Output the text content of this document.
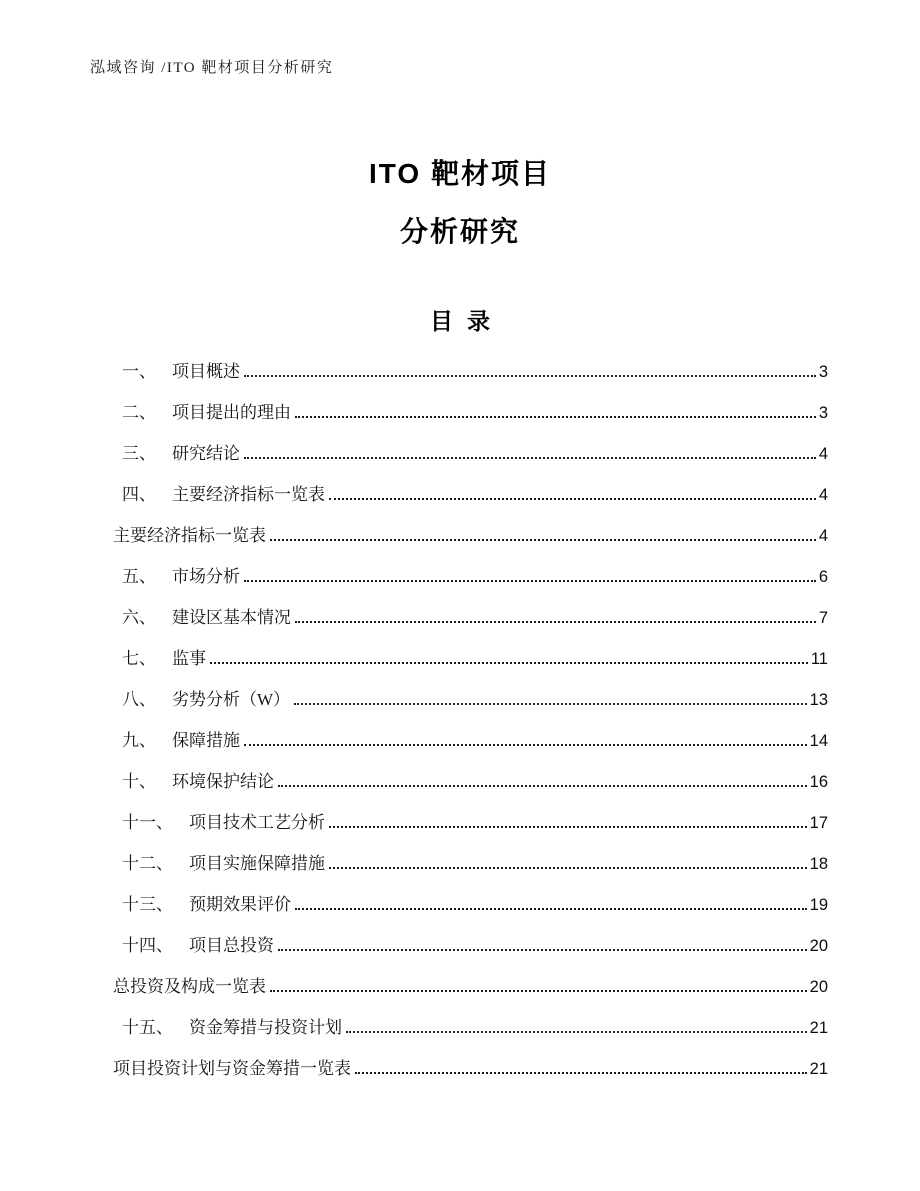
泓域咨询 /ITO 靶材项目分析研究
ITO 靶材项目
分析研究
目录
一、 项目概述	3
二、 项目提出的理由	3
三、 研究结论	4
四、 主要经济指标一览表	4
主要经济指标一览表	4
五、 市场分析	6
六、 建设区基本情况	7
七、 监事	11
八、 劣势分析（W）	13
九、 保障措施	14
十、 环境保护结论	16
十一、 项目技术工艺分析	17
十二、 项目实施保障措施	18
十三、 预期效果评价	19
十四、 项目总投资	20
总投资及构成一览表	20
十五、 资金筹措与投资计划	21
项目投资计划与资金筹措一览表	21
